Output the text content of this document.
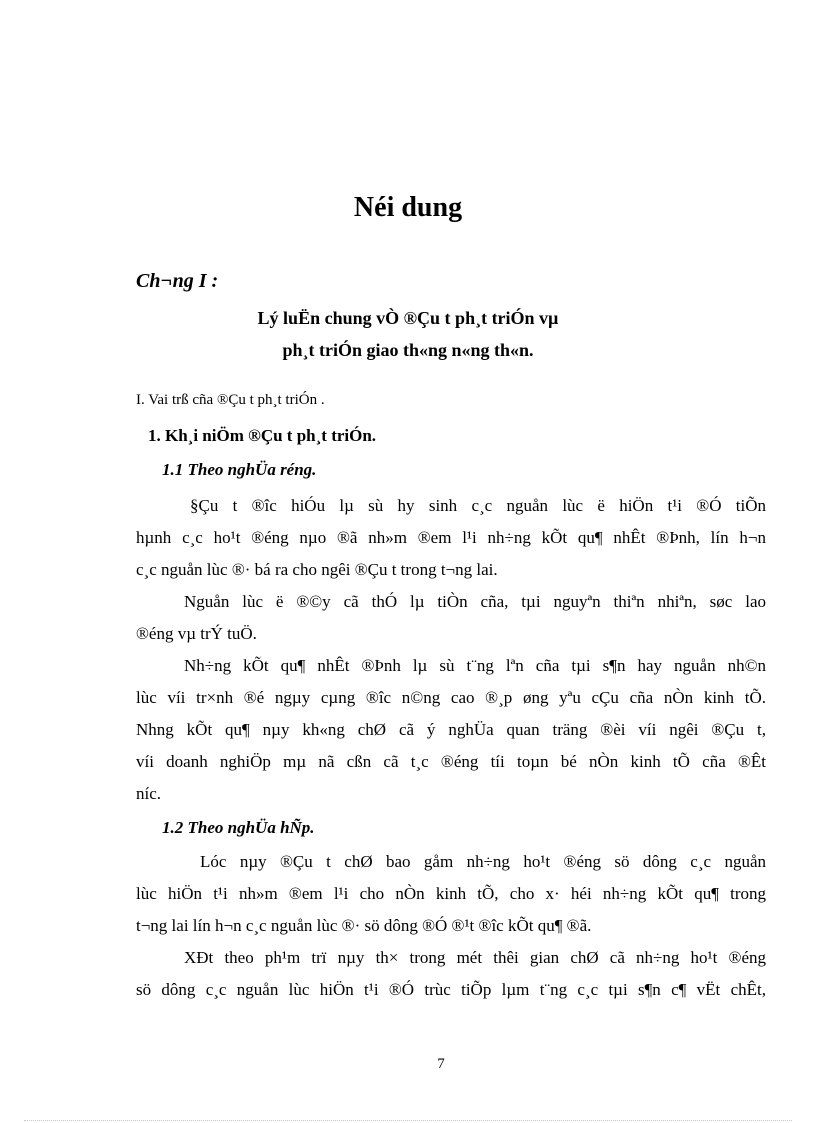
Néi dung
Ch¬ng I :
Lý luËn chung vÒ ®Çu t ph¸t triÓn vµ
ph¸t triÓn giao th«ng n«ng th«n.
I. Vai trß cña ®Çu t ph¸t triÓn .
1. Kh¸i niÖm ®Çu t ph¸t triÓn.
1.1 Theo nghÜa réng.
§Çu t ®îc hiÓu lµ sù hy sinh c¸c nguån lùc ë hiÖn t¹i ®Ó tiÕn
hµnh c¸c ho¹t ®éng nµo ®ã nh»m ®em l¹i nh÷ng kÕt qu¶ nhÊt ®Þnh, lín h¬n
c¸c nguån lùc ®· bá ra cho ngêi ®Çu t trong t¬ng lai.
Nguån lùc ë ®©y cã thÓ lµ tiÒn cña, tµi nguyªn thiªn nhiªn, søc lao
®éng vµ trÝ tuÖ.
Nh÷ng kÕt qu¶ nhÊt ®Þnh lµ sù t¨ng lªn cña tµi s¶n hay nguån nh©n
lùc víi tr×nh ®é ngµy cµng ®îc n©ng cao ®¸p øng yªu cÇu cña nÒn kinh tÕ.
Nhng kÕt qu¶ nµy kh«ng chØ cã ý nghÜa quan träng ®èi víi ngêi ®Çu t,
víi doanh nghiÖp mµ nã cßn cã t¸c ®éng tíi toµn bé nÒn kinh tÕ cña ®Êt
níc.
1.2 Theo nghÜa hÑp.
Lóc nµy ®Çu t chØ bao gåm nh÷ng ho¹t ®éng sö dông c¸c nguån
lùc hiÖn t¹i nh»m ®em l¹i cho nÒn kinh tÕ, cho x· héi nh÷ng kÕt qu¶ trong
t¬ng lai lín h¬n c¸c nguån lùc ®· sö dông ®Ó ®¹t ®îc kÕt qu¶ ®ã.
XÐt theo ph¹m trï nµy th× trong mét thêi gian chØ cã nh÷ng ho¹t ®éng
sö dông c¸c nguån lùc hiÖn t¹i ®Ó trùc tiÕp lµm t¨ng c¸c tµi s¶n c¶ vËt chÊt,
7
